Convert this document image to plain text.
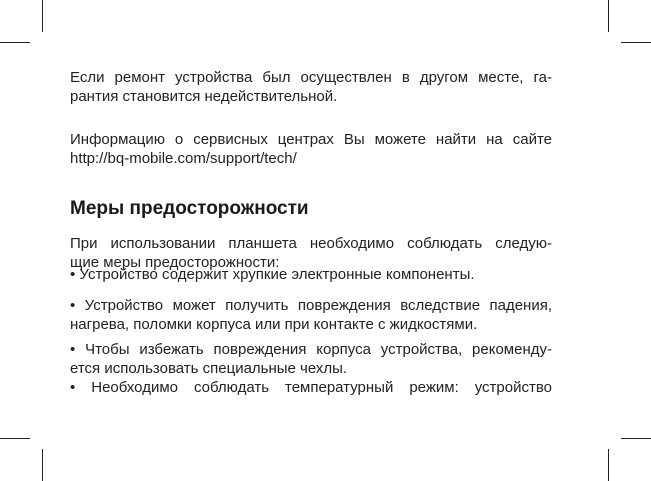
Если ремонт устройства был осуществлен в другом месте, га-
рантия становится недействительной.

Информацию о сервисных центрах Вы можете найти на сайте
http://bq-mobile.com/support/tech/

Меры предосторожности

При использовании планшета необходимо соблюдать следую-
щие меры предосторожности:

• Устройство содержит хрупкие электронные компоненты.

• Устройство может получить повреждения вследствие падения,
нагрева, поломки корпуса или при контакте с жидкостями.

• Чтобы избежать повреждения корпуса устройства, рекоменду-
ется использовать специальные чехлы.

• Необходимо соблюдать температурный режим: устройство
